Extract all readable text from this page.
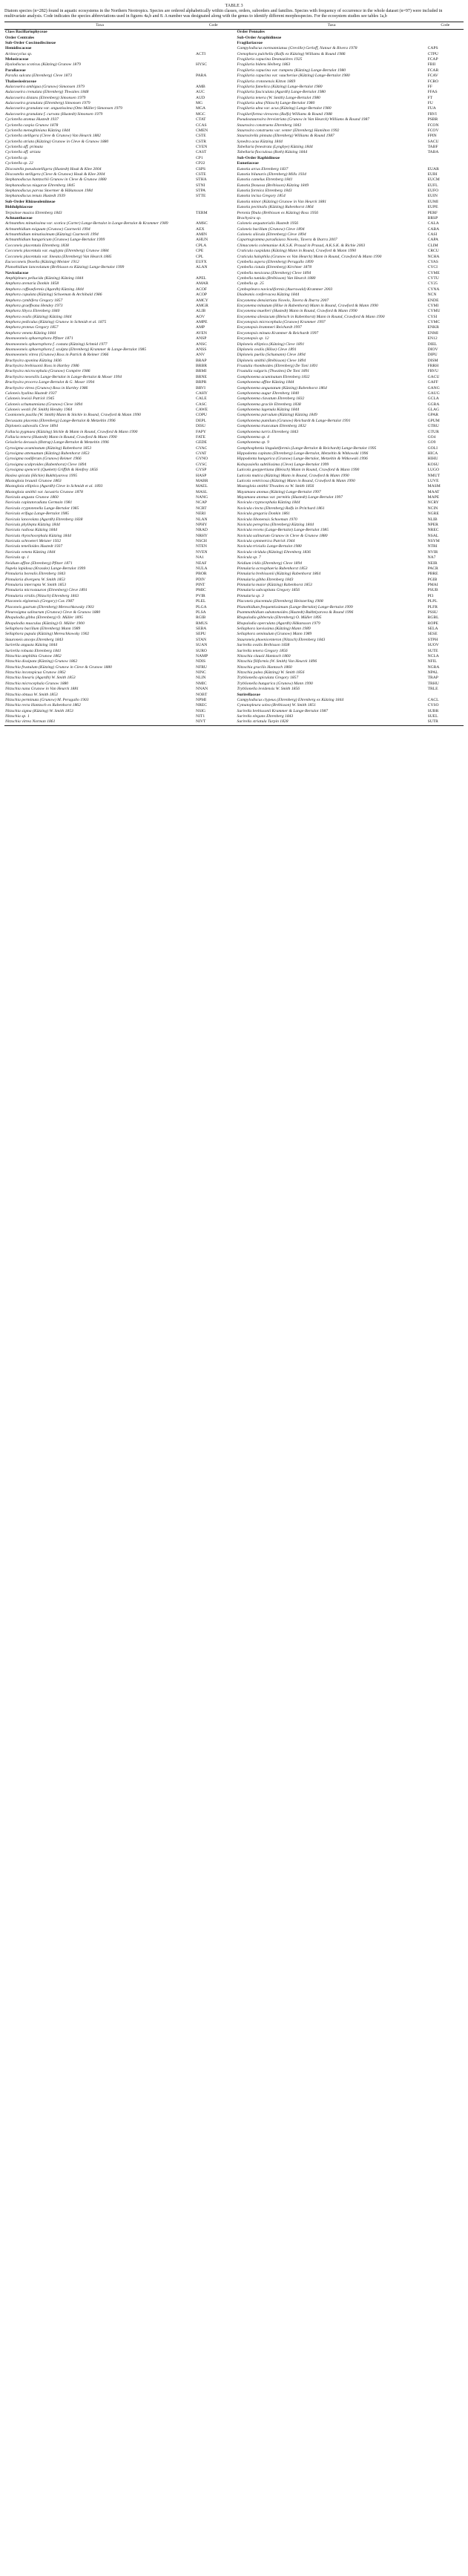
TABLE 3
Diatom species (n=282) found in aquatic ecosystems in the Northern Neotropics. Species are ordered alphabetically within classes, orders, suborders and families. Species with frequency of occurrence in the whole dataset (n=97) were included in multivariate analysis. Code indicates the species abbreviations used in figures 4a,b and 8. A number was designated along with the genus to identify different morphospecies. For the ecosystem studies see tables 1a,b
Taxa	Code		Taxa	Code
Class Bacillariophyceae			Order Pennales	
Order Centrales			Sub-Order Araphidineae	
Sub-Order Coscinodiscineae			Fragilariaceae	
Hemidiscaceae			Campylodiscus normannianus (Greville) Gerloff, Natour & Rivera 1978	CAPS
Actinocyclus sp.	ACTI		Ctenophora pulchella (Ralfs ex Kützing) Williams & Round 1986	CTPU
Melosiraceae			Fragilaria capucina Desmazières 1925	FCAP
Hyalodiscus scoticus (Kützing) Grunow 1879	HYSC		Fragilaria bidens Heiberg 1863	FBII
Paraliaceae			Fragilaria capucina var. rumpens (Kützing) Lange-Bertalot 1980	FCAR
Paralia sulcata (Ehrenberg) Cleve 1873	PARA		Fragilaria capucina var. vaucheriae (Kützing) Lange-Bertalot 1980	FCAV
Thalassiosiraceae			Fragilaria crotonensis Kitton 1869	FCRO
Aulacoseira ambigua (Grunow) Simonsen 1979	AMB		Fragilaria famelica (Kützing) Lange-Bertalot 1980	FF
Aulacoseira crenulata (Ehrenberg) Thwaites 1848	AUC		Fragilaria fasciculata (Agardh) Lange-Bertalot 1980	FFAS
Aulacoseira distans (Ehrenberg) Simonsen 1979	AUD		Fragilaria tenera (W. Smith) Lange-Bertalot 1980	FT
Aulacoseira granulata (Ehrenberg) Simonsen 1979	MG		Fragilaria ulna (Nitzsch) Lange-Bertalot 1980	FU
Aulacoseira granulata var. angustissima (Otto Müller) Simonsen 1979	MGA		Fragilaria ulna var. acus (Kützing) Lange-Bertalot 1980	FUA
Aulacoseira granulata f. curvata (Hustedt) Simonsen 1979	MGC		Fragilariforma virescens (Ralfs) Williams & Round 1988	FRVI
Cyclotella atomus Hustedt 1937	CTAT		Pseudostaurosira brevistriata (Grunow in Van Heurck) Williams & Round 1987	PSBR
Cyclotella caspia Grunow 1878	CCAS		Staurosira construens Ehrenberg 1843	FCON
Cyclotella meneghiniana Kützing 1844	CMEN		Staurosira construens var. venter (Ehrenberg) Hamilton 1992	FCOV
Cyclotella stelligera (Cleve & Grunow) Van Heurck 1882	CSTE		Staurosirella pinnata (Ehrenberg) Williams & Round 1987	FPIN
Cyclotella striata (Kützing) Grunow in Cleve & Grunow 1880	CSTR		Synedra acus Kützing 1844	SACU
Cyclotella aff. primata	CYEN		Tabellaria fenestrata (Lyngbye) Kützing 1844	TABF
Cyclotella aff. striata	CAST		Tabellaria flocculosa (Roth) Kützing 1844	TABA
Cyclotella sp.	CP1		Sub-Order Raphidineae	
Cyclotella sp. 22	CP22		Eunotiaceae	
Discostella pseudostelligera (Hustedt) Houk & Klee 2004	CSPS		Eunotia arcus Ehrenberg 1837	EUAR
Discostella stelligera (Cleve & Grunow) Houk & Klee 2004	CSTE		Eunotia bilunaris (Ehrenberg) Mills 1934	EUBI
Stephanodiscus hantzschii Grunow in Cleve & Grunow 1880	STHA		Eunotia camelus Ehrenberg 1841	EUCM
Stephanodiscus niagarae Ehrenberg 1845	STNI		Eunotia flexuosa (Brébisson) Kützing 1849	EUFL
Stephanodiscus parvus Stoermer & Håkansson 1984	STPA		Eunotia formica Ehrenberg 1843	EUFO
Stephanodiscus tenuis Hustedt 1939	STTE		Eunotia incisa Gregory 1854	EUIN
Sub-Order Rhizosoleniineae			Eunotia minor (Kützing) Grunow in Van Heurck 1881	EUMI
Biddulphiaceae			Eunotia pectinalis (Kützing) Rabenhorst 1864	EUPE
Terpsinoe musica Ehrenberg 1843	TERM		Peronia fibula (Brébisson ex Kützing) Ross 1956	PERF
Achnanthaceae			Brachysira sp.	BRSP
Achnanthes minutissima var. scotica (Carter) Lange-Bertalot in Lange-Bertalot & Krammer 1989	AMSC		Caloneis aequatorialis Hustedt 1956	CALA
Achnanthidium exiguum (Grunow) Czarnecki 1994	AEX		Caloneis bacillum (Grunow) Cleve 1894	CABA
Achnanthidium minutissimum (Kützing) Czarnecki 1994	AMIN		Caloneis silicula (Ehrenberg) Cleve 1894	CASI
Achnanthidium hungaricum (Grunow) Lange-Bertalot 1999	AHUN		Capartogramma paradisiaca Novelo, Tavera & Ibarra 2007	CAPA
Cocconeis placentula Ehrenberg 1838	CPLA		Climaconeis colemaniae A.K.S.K. Prasad in Prasad, A.K.S.K. & Richie 2003	CLIM
Cocconeis placentula var. euglypta (Ehrenberg) Grunow 1884	CPE		Craticula cuspidata (Kützing) Mann in Round, Crawford & Mann 1990	CRCU
Cocconeis placentula var. lineata (Ehrenberg) Van Heurck 1885	CPL		Craticula halophila (Grunow ex Van Heurck) Mann in Round, Crawford & Mann 1990	NCHA
Eucocconeis flexella (Kützing) Meister 1912	EUFX		Cymbella aspera (Ehrenberg) Peragallo 1899	CYAS
Planothidium lanceolatum (Brébisson ex Kützing) Lange-Bertalot 1999	ALAN		Cymbella cistula (Ehrenberg) Kirchner 1878	CYCI
Naviculaceae			Cymbella mexicana (Ehrenberg) Cleve 1894	CYME
Amphipleura pellucida (Kützing) Kützing 1844	APEL		Cymbella tumida (Brébisson) Van Heurck 1880	CYTU
Amphora arenaria Donkin 1858	AMAR		Cymbella sp. 25	CY25
Amphora coffeaeformis (Agardh) Kützing 1844	ACOF		Cymbopleura naviculiformis (Auerswald) Krammer 2003	CYNA
Amphora copulata (Kützing) Schoeman & Archibald 1986	ACOP		Diadesmis confervacea Kützing 1844	NCN
Amphora cymbifera Gregory 1857	AMCY		Encyonema densistriata Novelo, Tavera & Ibarra 2007	ENDE
Amphora graeffeana Hendey 1973	AMGR		Encyonema minutum (Hilse in Rabenhorst) Mann in Round, Crawford & Mann 1990	CYMI
Amphora libyca Ehrenberg 1840	ALIB		Encyonema muelleri (Hustedt) Mann in Round, Crawford & Mann 1990	CYMU
Amphora ovalis (Kützing) Kützing 1844	AOV		Encyonema silesiacum (Bleisch in Rabenhorst) Mann in Round, Crawford & Mann 1990	CYSI
Amphora pediculus (Kützing) Grunow in Schmidt et al. 1875	AMPE		Encyonopsis microcephala (Grunow) Krammer 1997	CYMC
Amphora proteus Gregory 1857	AMP		Encyonopsis krammeri Reichardt 1997	ENKR
Amphora veneta Kützing 1844	AVEN		Encyonopsis minuta Krammer & Reichardt 1997	ENMI
Anomoeoneis sphaerophora Pfitzer 1871	ANSP		Encyonopsis sp. 12	EN12
Anomoeoneis sphaerophora f. costata (Kützing) Schmid 1977	ANSC		Diploneis elliptica (Kützing) Cleve 1891	DIEL
Anomoeoneis sphaerophora f. sculpta (Ehrenberg) Krammer & Lange-Bertalot 1985	ANSS		Diploneis ovalis (Hilse) Cleve 1891	DIOV
Anomoeoneis vitrea (Grunow) Ross in Patrick & Reimer 1966	ANV		Diploneis puella (Schumann) Cleve 1894	DIPU
Brachysira aponina Kützing 1836	BRAP		Diploneis smithii (Brébisson) Cleve 1894	DISM
Brachysira brebissonii Ross in Hartley 1986	BRBR		Frustulia rhomboides (Ehrenberg) De Toni 1891	FRRH
Brachysira microcephala (Grunow) Compère 1986	BRMI		Frustulia vulgaris (Thwaites) De Toni 1891	FRVU
Brachysira neoexilis Lange-Bertalot in Lange-Bertalot & Moser 1994	BRNE		Gomphonema acuminatum Ehrenberg 1832	GACU
Brachysira procera Lange-Bertalot & G. Moser 1994	BRPR		Gomphonema affine Kützing 1844	GAFF
Brachysira vitrea (Grunow) Ross in Hartley 1986	BRVI		Gomphonema angustatum (Kützing) Rabenhorst 1864	GANG
Caloneis hyalina Hustedt 1937	CAHY		Gomphonema augur Ehrenberg 1840	GAUG
Caloneis lewisii Patrick 1945	CALE		Gomphonema clavatum Ehrenberg 1832	GCLA
Caloneis schumanniana (Grunow) Cleve 1894	CASC		Gomphonema gracile Ehrenberg 1838	GGRA
Caloneis westii (W. Smith) Hendey 1964	CAWE		Gomphonema lagenula Kützing 1844	GLAG
Cosmioneis pusilla (W. Smith) Mann & Stickle in Round, Crawford & Mann 1990	COPU		Gomphonema parvulum (Kützing) Kützing 1849	GPAR
Decussata placenta (Ehrenberg) Lange-Bertalot & Metzeltin 1996	DEPL		Gomphonema pumilum (Grunow) Reichardt & Lange-Bertalot 1991	GPUM
Diploneis subovalis Cleve 1894	DISU		Gomphonema truncatum Ehrenberg 1832	GTRU
Fallacia pygmaea (Kützing) Stickle & Mann in Round, Crawford & Mann 1990	FAPY		Gomphonema turris Ehrenberg 1843	GTUR
Fallacia tenera (Hustedt) Mann in Round, Crawford & Mann 1990	FATE		Gomphonema sp. 4	GO4
Geissleria decussis (Østrup) Lange-Bertalot & Metzeltin 1996	GEDE		Gomphonema sp. 9	GO9
Gyrosigma acuminatum (Kützing) Rabenhorst 1853	GYAC		Gomphosphenia lingulatiformis (Lange-Bertalot & Reichardt) Lange-Bertalot 1995	GOLI
Gyrosigma attenuatum (Kützing) Rabenhorst 1853	GYAT		Hippodonta capitata (Ehrenberg) Lange-Bertalot, Metzeltin & Witkowski 1996	HICA
Gyrosigma nodiferum (Grunow) Reimer 1966	GYNO		Hippodonta hungarica (Grunow) Lange-Bertalot, Metzeltin & Witkowski 1996	HIHU
Gyrosigma scalproides (Rabenhorst) Cleve 1894	GYSC		Kobayasiella subtilissima (Cleve) Lange-Bertalot 1999	KOSU
Gyrosigma spencerii (Quekett) Griffith & Henfrey 1856	GYSP		Luticola goeppertiana (Bleisch) Mann in Round, Crawford & Mann 1990	LUGO
Haslea spicula (Hickie) Bukhtiyarova 1995	HASP		Luticola mutica (Kützing) Mann in Round, Crawford & Mann 1990	NMUT
Mastogloia braunii Grunow 1863	MABR		Luticola ventricosa (Kützing) Mann in Round, Crawford & Mann 1990	LUVE
Mastogloia elliptica (Agardh) Cleve in Schmidt et al. 1893	MAEL		Mastogloia smithii Thwaites ex W. Smith 1856	MASM
Mastogloia smithii var. lacustris Grunow 1878	MASL		Mayamaea atomus (Kützing) Lange-Bertalot 1997	MAAT
Navicula angusta Grunow 1860	NANG		Mayamaea atomus var. permitis (Hustedt) Lange-Bertalot 1997	MAPE
Navicula capitatoradiata Germain 1981	NCAP		Navicula cryptocephala Kützing 1844	NCRY
Navicula cryptotenella Lange-Bertalot 1985	NCRT		Navicula cincta (Ehrenberg) Ralfs in Pritchard 1861	NCIN
Navicula erifuga Lange-Bertalot 1985	NERI		Navicula gregaria Donkin 1861	NGRE
Navicula lanceolata (Agardh) Ehrenberg 1838	NLAN		Navicula libonensis Schoeman 1970	NLIB
Navicula phyllepta Kützing 1844	NPHY		Navicula peregrina (Ehrenberg) Kützing 1844	NPER
Navicula radiosa Kützing 1844	NRAD		Navicula recens (Lange-Bertalot) Lange-Bertalot 1985	NREC
Navicula rhynchocephala Kützing 1844	NRHY		Navicula salinarum Grunow in Cleve & Grunow 1880	NSAL
Navicula schroeteri Meister 1932	NSCH		Navicula symmetrica Patrick 1944	NSYM
Navicula tenelloides Hustedt 1937	NTEN		Navicula trivialis Lange-Bertalot 1980	NTRI
Navicula veneta Kützing 1844	NVEN		Navicula viridula (Kützing) Ehrenberg 1836	NVIR
Navicula sp. 1	NA1		Navicula sp. 7	NA7
Neidium affine (Ehrenberg) Pfitzer 1871	NEAF		Neidium iridis (Ehrenberg) Cleve 1894	NEIR
Nupela lapidosa (Krasske) Lange-Bertalot 1999	NULA		Pinnularia acrosphaeria Rabenhorst 1853	PACR
Pinnularia borealis Ehrenberg 1843	PBOR		Pinnularia brebissonii (Kützing) Rabenhorst 1864	PBRE
Pinnularia divergens W. Smith 1853	PDIV		Pinnularia gibba Ehrenberg 1843	PGIB
Pinnularia interrupta W. Smith 1853	PINT		Pinnularia maior (Kützing) Rabenhorst 1853	PMAI
Pinnularia microstauron (Ehrenberg) Cleve 1891	PMIC		Pinnularia subcapitata Gregory 1856	PSUB
Pinnularia viridis (Nitzsch) Ehrenberg 1843	PVIR		Pinnularia sp. 3	PI3
Placoneis elginensis (Gregory) Cox 1987	PLEL		Placoneis placentula (Ehrenberg) Heinzerling 1908	PLPL
Placoneis gastrum (Ehrenberg) Mereschkowsky 1903	PLGA		Planothidium frequentissimum (Lange-Bertalot) Lange-Bertalot 1999	PLFR
Pleurosigma salinarum (Grunow) Cleve & Grunow 1880	PLSA		Psammothidium subatomoides (Hustedt) Bukhtiyarova & Round 1996	PSSU
Rhopalodia gibba (Ehrenberg) O. Müller 1895	RGIB		Rhopalodia gibberula (Ehrenberg) O. Müller 1895	RGBL
Rhopalodia musculus (Kützing) O. Müller 1900	RMUS		Rhopalodia operculata (Agardh) Håkansson 1979	ROPE
Sellaphora bacillum (Ehrenberg) Mann 1989	SEBA		Sellaphora laevissima (Kützing) Mann 1989	SELA
Sellaphora pupula (Kützing) Mereschkowsky 1902	SEPU		Sellaphora seminulum (Grunow) Mann 1989	SESE
Stauroneis anceps Ehrenberg 1843	STAN		Stauroneis phoenicenteron (Nitzsch) Ehrenberg 1843	STPH
Surirella angusta Kützing 1844	SUAN		Surirella ovalis Brébisson 1838	SUOV
Surirella robusta Ehrenberg 1841	SURO		Surirella tenera Gregory 1856	SUTE
Nitzschia amphibia Grunow 1862	NAMP		Nitzschia clausii Hantzsch 1860	NCLA
Nitzschia dissipata (Kützing) Grunow 1862	NDIS		Nitzschia filiformis (W. Smith) Van Heurck 1896	NFIL
Nitzschia frustulum (Kützing) Grunow in Cleve & Grunow 1880	NFRU		Nitzschia gracilis Hantzsch 1860	NGRA
Nitzschia inconspicua Grunow 1862	NINC		Nitzschia palea (Kützing) W. Smith 1856	NPAL
Nitzschia linearis (Agardh) W. Smith 1853	NLIN		Tryblionella apiculata Gregory 1857	TRAP
Nitzschia microcephala Grunow 1880	NMIC		Tryblionella hungarica (Grunow) Mann 1990	TRHU
Nitzschia nana Grunow in Van Heurck 1881	NNAN		Tryblionella levidensis W. Smith 1856	TRLE
Nitzschia obtusa W. Smith 1853	NOBT		Surirellaceae	
Nitzschia perminuta (Grunow) M. Peragallo 1903	NPMI		Campylodiscus clypeus (Ehrenberg) Ehrenberg ex Kützing 1844	CACL
Nitzschia recta Hantzsch ex Rabenhorst 1862	NREC		Cymatopleura solea (Brébisson) W. Smith 1851	CYSO
Nitzschia sigma (Kützing) W. Smith 1853	NSIG		Surirella brebissonii Krammer & Lange-Bertalot 1987	SUBR
Nitzschia sp. 1	NIT1		Surirella elegans Ehrenberg 1843	SUEL
Nitzschia vitrea Norman 1861	NIVT		Surirella striatula Turpin 1828	SUTR
